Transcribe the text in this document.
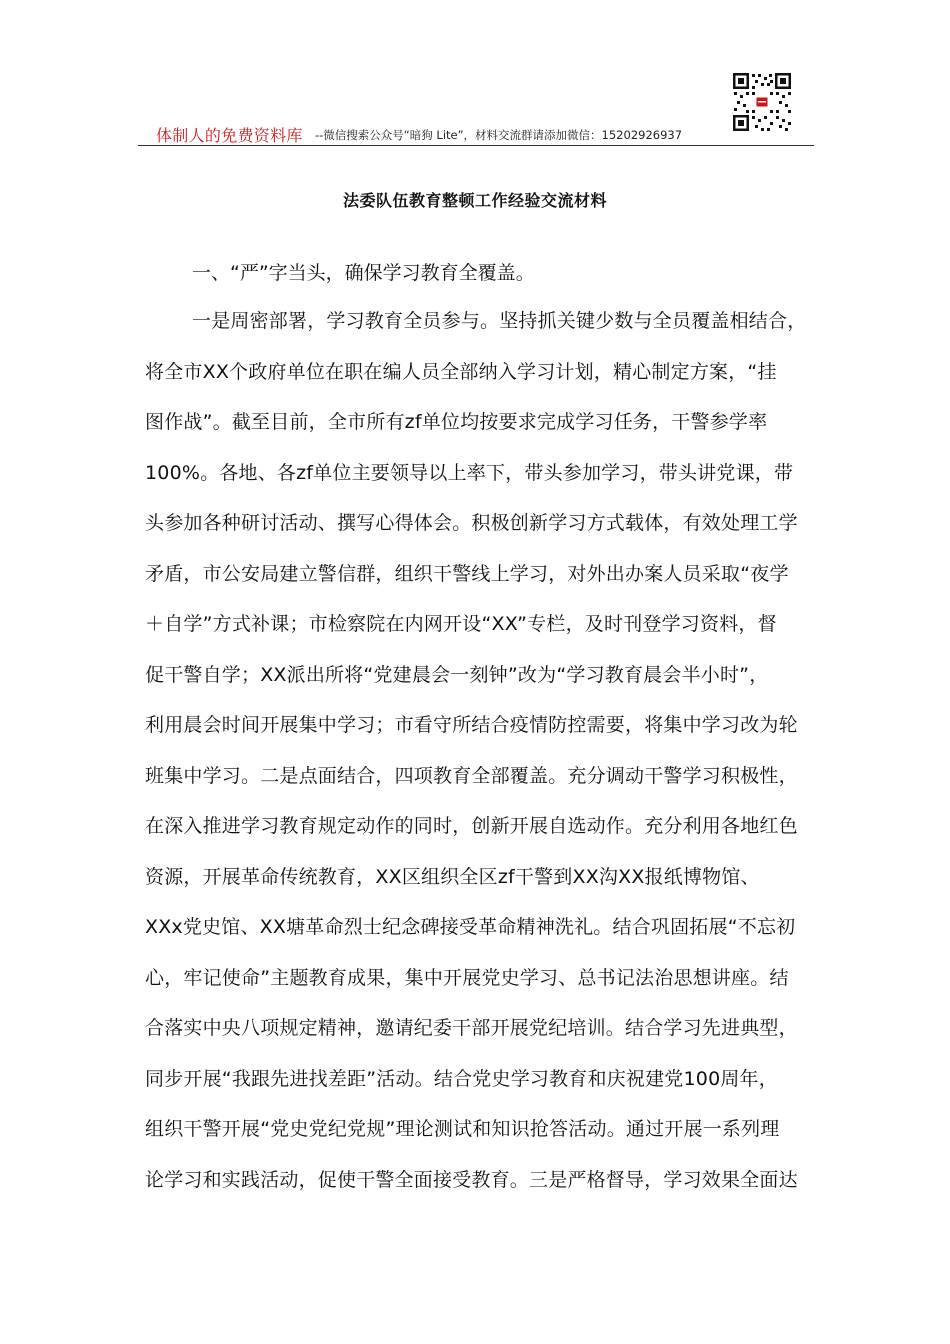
体制人的免费资料库 --微信搜索公众号“暗狗 Lite”，材料交流群请添加微信：15202926937
法委队伍教育整顿工作经验交流材料
一、“严”字当头，确保学习教育全覆盖。
一是周密部署，学习教育全员参与。坚持抓关键少数与全员覆盖相结合，
将全市XX个政府单位在职在编人员全部纳入学习计划，精心制定方案，“挂
图作战”。截至目前，全市所有zf单位均按要求完成学习任务，干警参学率
100%。各地、各zf单位主要领导以上率下，带头参加学习，带头讲党课，带
头参加各种研讨活动、撰写心得体会。积极创新学习方式载体，有效处理工学
矛盾，市公安局建立警信群，组织干警线上学习，对外出办案人员采取“夜学
＋自学”方式补课；市检察院在内网开设“XX”专栏，及时刊登学习资料，督
促干警自学；XX派出所将“党建晨会一刻钟”改为“学习教育晨会半小时”，
利用晨会时间开展集中学习；市看守所结合疫情防控需要，将集中学习改为轮
班集中学习。二是点面结合，四项教育全部覆盖。充分调动干警学习积极性，
在深入推进学习教育规定动作的同时，创新开展自选动作。充分利用各地红色
资源，开展革命传统教育，XX区组织全区zf干警到XX沟XX报纸博物馆、
XXx党史馆、XX塘革命烈士纪念碑接受革命精神洗礼。结合巩固拓展“不忘初
心，牢记使命”主题教育成果，集中开展党史学习、总书记法治思想讲座。结
合落实中央八项规定精神，邀请纪委干部开展党纪培训。结合学习先进典型，
同步开展“我跟先进找差距”活动。结合党史学习教育和庆祝建党100周年，
组织干警开展“党史党纪党规”理论测试和知识抢答活动。通过开展一系列理
论学习和实践活动，促使干警全面接受教育。三是严格督导，学习效果全面达
